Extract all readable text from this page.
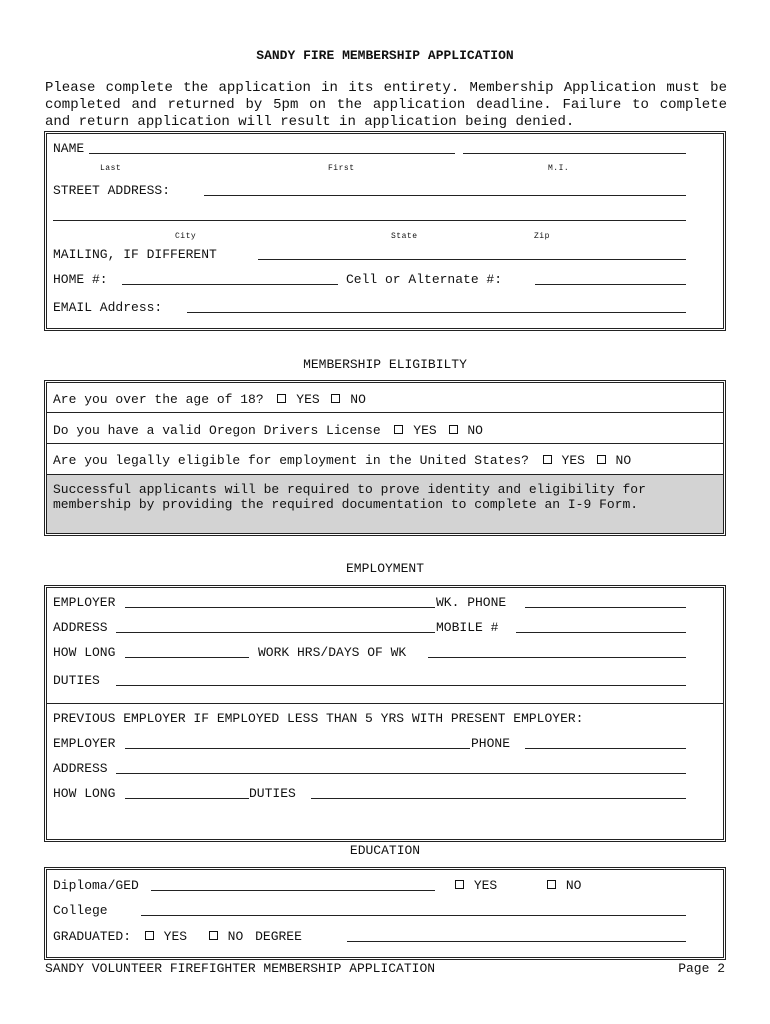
SANDY FIRE MEMBERSHIP APPLICATION
Please complete the application in its entirety. Membership Application must be completed and returned by 5pm on the application deadline. Failure to complete and return application will result in application being denied.
NAME
Last	First	M.I.
STREET ADDRESS:
City	State	Zip
MAILING, IF DIFFERENT
HOME #:	Cell or Alternate #:
EMAIL Address:
MEMBERSHIP ELIGIBILTY
Are you over the age of 18?	YES NO
Do you have a valid Oregon Drivers License	YES NO
Are you legally eligible for employment in the United States?	YES NO
Successful applicants will be required to prove identity and eligibility for membership by providing the required documentation to complete an I-9 Form.
EMPLOYMENT
EMPLOYER	WK. PHONE
ADDRESS	MOBILE #
HOW LONG	WORK HRS/DAYS OF WK
DUTIES
PREVIOUS EMPLOYER IF EMPLOYED LESS THAN 5 YRS WITH PRESENT EMPLOYER:
EMPLOYER	PHONE
ADDRESS
HOW LONG	DUTIES
EDUCATION
Diploma/GED	YES	NO
College
GRADUATED:	YES	NO DEGREE
SANDY VOLUNTEER FIREFIGHTER MEMBERSHIP APPLICATION	Page 2
